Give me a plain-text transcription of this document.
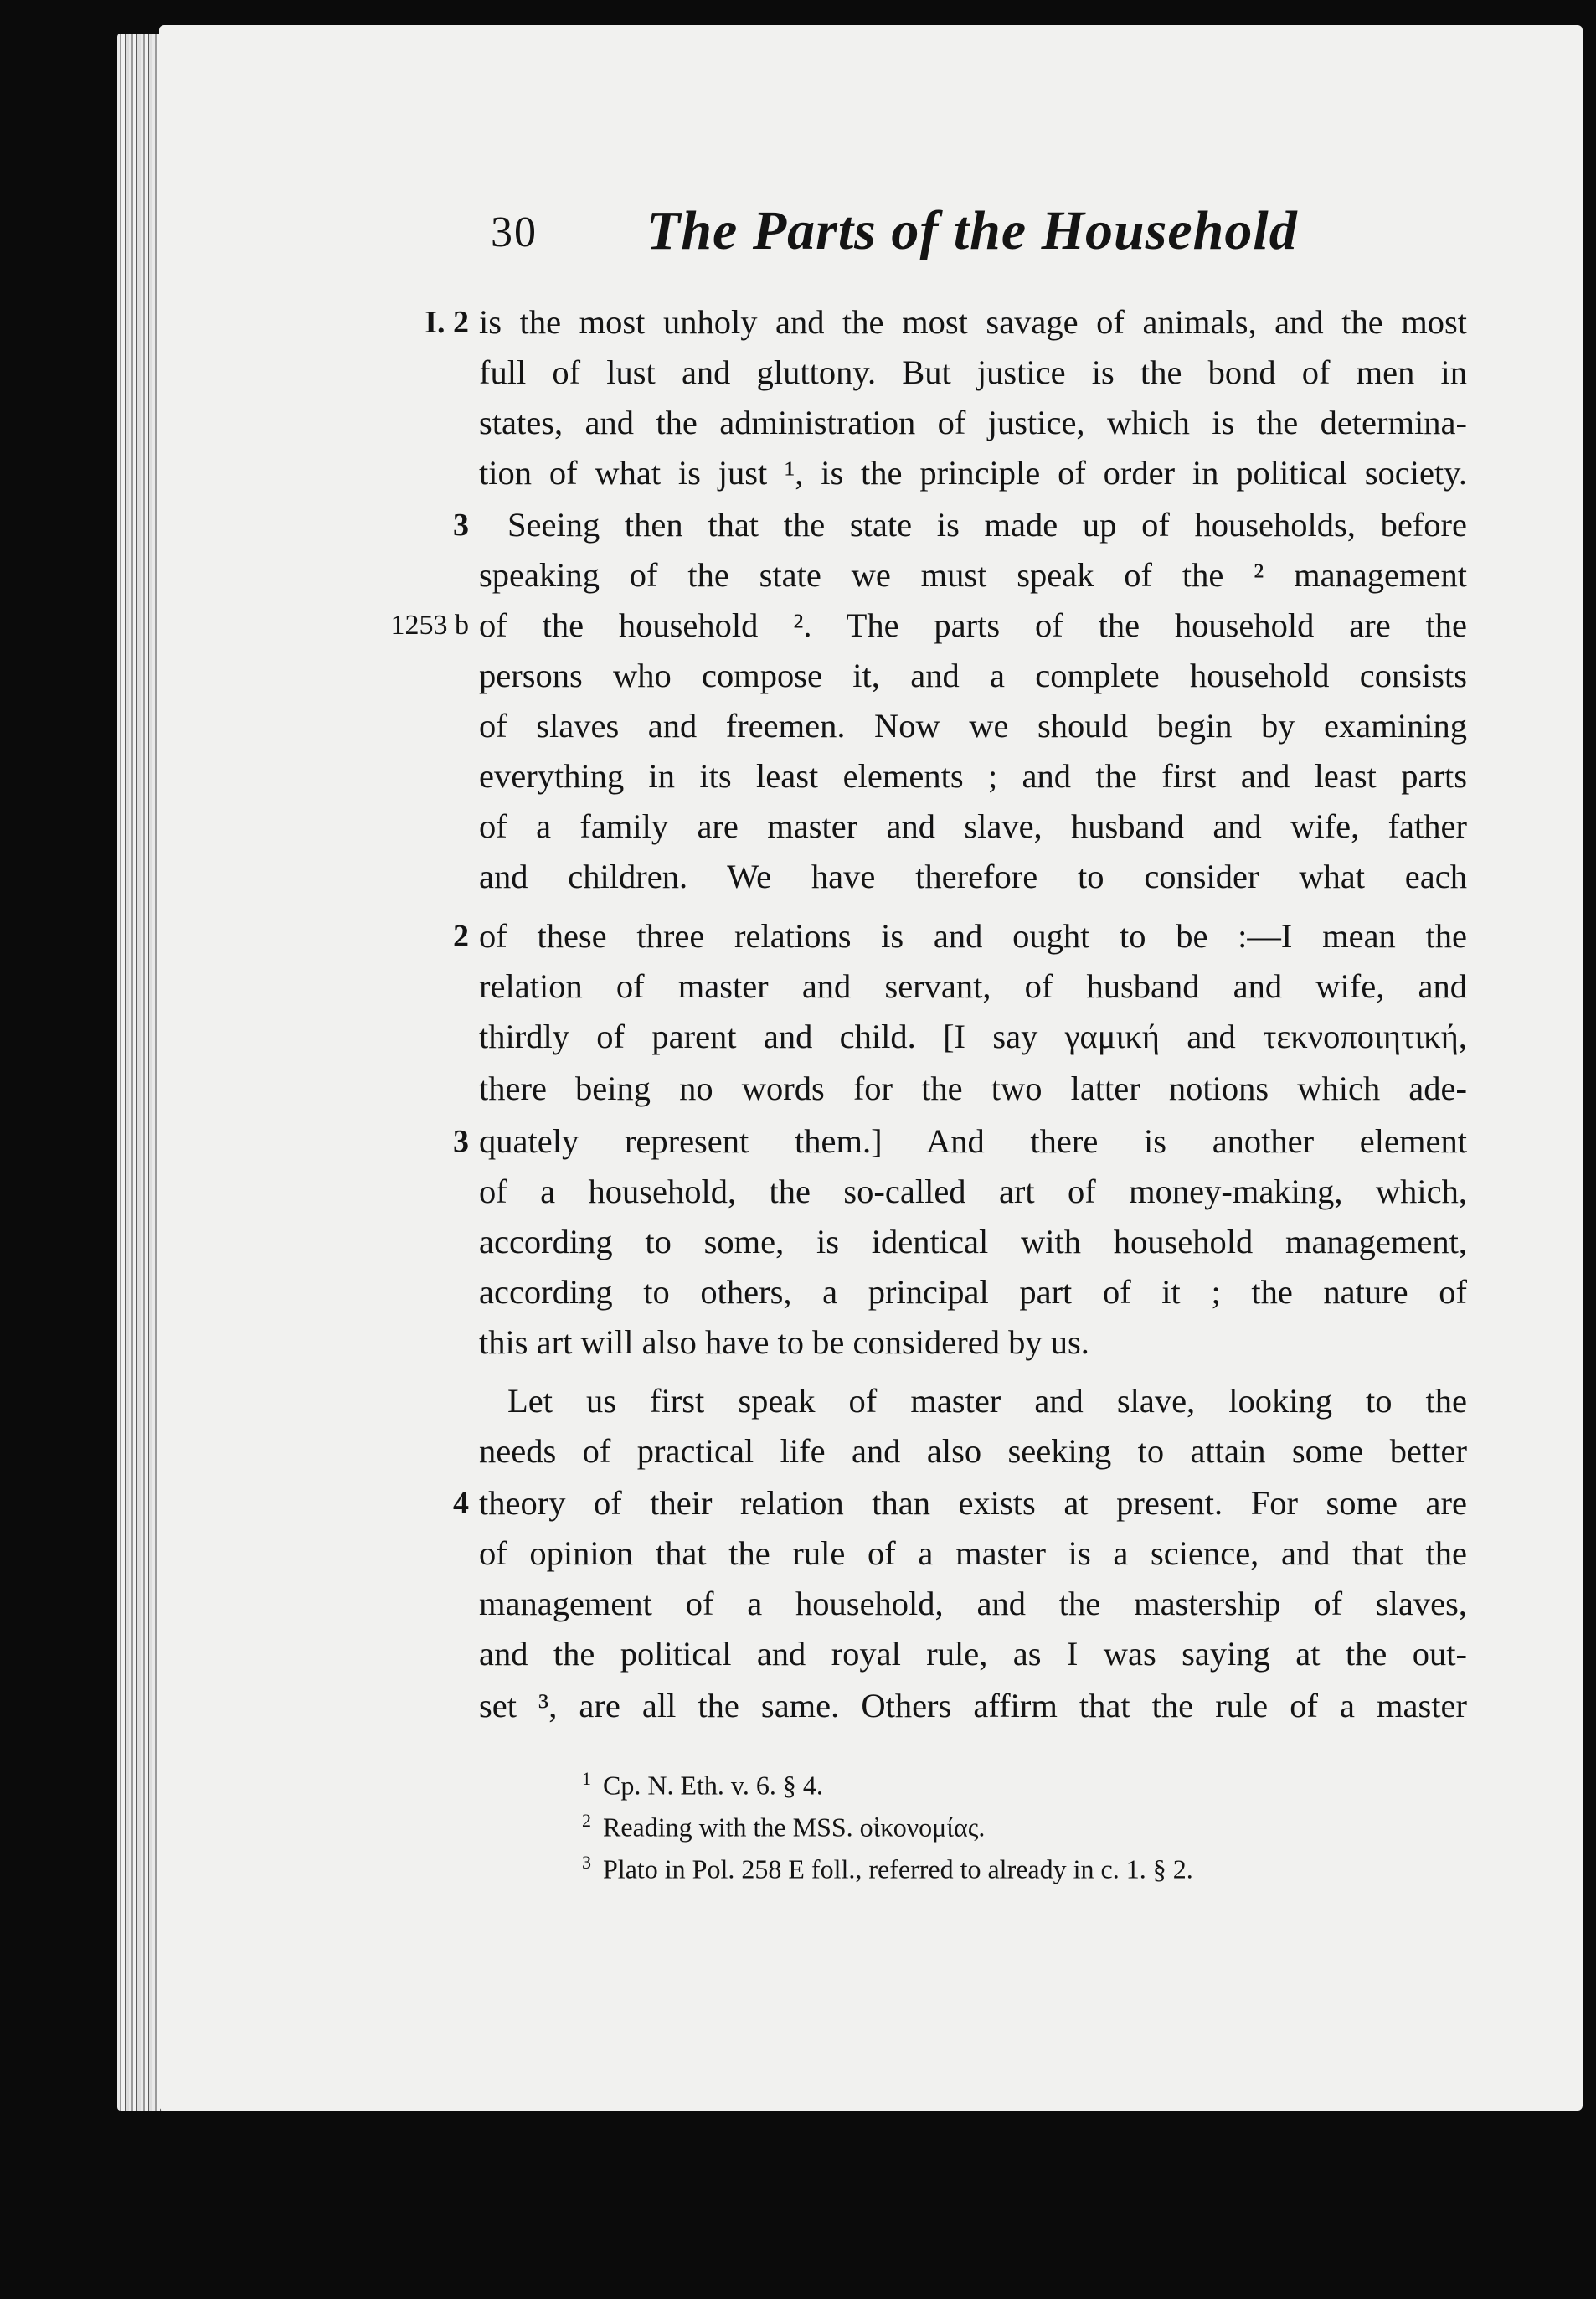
30 The Parts of the Household
is the most unholy and the most savage of animals, and the most
full of lust and gluttony. But justice is the bond of men in
states, and the administration of justice, which is the determina-
tion of what is just ¹, is the principle of order in political society.
Seeing then that the state is made up of households, before
speaking of the state we must speak of the ² management
of the household ². The parts of the household are the
persons who compose it, and a complete household consists
of slaves and freemen. Now we should begin by examining
everything in its least elements ; and the first and least parts
of a family are master and slave, husband and wife, father
and children. We have therefore to consider what each
of these three relations is and ought to be :—I mean the
relation of master and servant, of husband and wife, and
thirdly of parent and child. [I say γαμική and τεκνοποιητική,
there being no words for the two latter notions which ade-
quately represent them.] And there is another element
of a household, the so-called art of money-making, which,
according to some, is identical with household management,
according to others, a principal part of it ; the nature of
this art will also have to be considered by us.
Let us first speak of master and slave, looking to the
needs of practical life and also seeking to attain some better
theory of their relation than exists at present. For some are
of opinion that the rule of a master is a science, and that the
management of a household, and the mastership of slaves,
and the political and royal rule, as I was saying at the out-
set ³, are all the same. Others affirm that the rule of a master
I. 2
3
1253 b
2
3
4
$^1$ Cp. N. Eth. v. 6. § 4.
$^2$ Reading with the MSS. οἰκονομίας.
$^3$ Plato in Pol. 258 E foll., referred to already in c. 1. § 2.
